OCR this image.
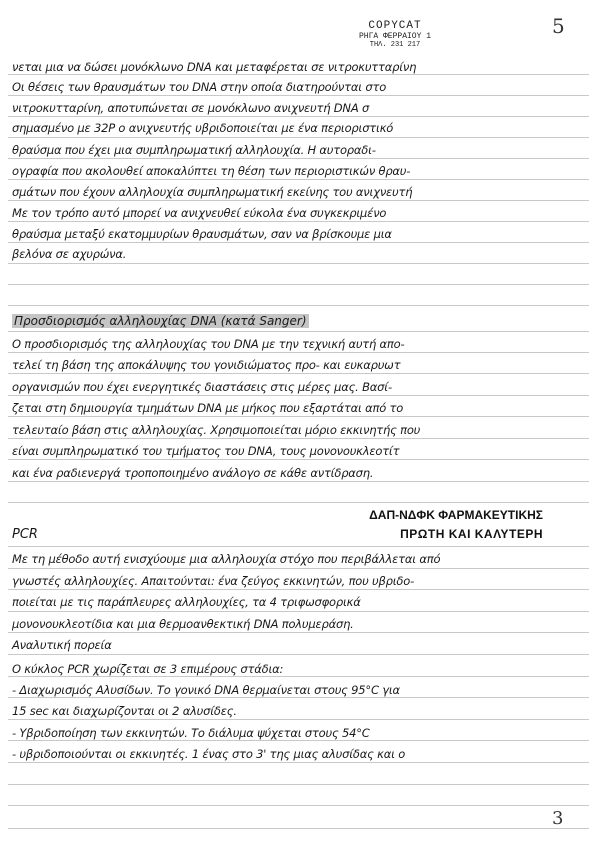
COPYCAT
ΡΗΓΑ ΦΕΡΡΑΙΟΥ 1
ΤΗΛ. 231 217
5
νεται μια να δώσει μονόκλωνο DNA και μεταφέρεται σε νιτροκυτταρίνη
Οι θέσεις των θραυσμάτων του DNA στην οποία διατηρούνται στο
νιτροκυτταρίνη, αποτυπώνεται σε μονόκλωνο ανιχνευτή DNA σ
σημασμένο με 32P ο ανιχνευτής υβριδοποιείται με ένα περιοριστικό
θραύσμα που έχει μια συμπληρωματική αλληλουχία. Η αυτοραδι-
ογραφία που ακολουθεί αποκαλύπτει τη θέση των περιοριστικών θραυ-
σμάτων που έχουν αλληλουχία συμπληρωματική εκείνης του ανιχνευτή
Με τον τρόπο αυτό μπορεί να ανιχνευθεί εύκολα ένα συγκεκριμένο
θραύσμα μεταξύ εκατομμυρίων θραυσμάτων, σαν να βρίσκουμε μια
βελόνα σε αχυρώνα.
Προσδιορισμός αλληλουχίας DNA (κατά Sanger)
Ο προσδιορισμός της αλληλουχίας του DNA με την τεχνική αυτή απο-
τελεί τη βάση της αποκάλυψης του γονιδιώματος προ- και ευκαρυωτ
οργανισμών που έχει ενεργητικές διαστάσεις στις μέρες μας. Βασί-
ζεται στη δημιουργία τμημάτων DNA με μήκος που εξαρτάται από το
τελευταίο βάση στις αλληλουχίας. Χρησιμοποιείται μόριο εκκινητής που
είναι συμπληρωματικό του τμήματος του DNA, τους μονονουκλεοτίτ
και ένα ραδιενεργά τροποποιημένο ανάλογο σε κάθε αντίδραση.
ΔΑΠ-ΝΔΦΚ ΦΑΡΜΑΚΕΥΤΙΚΗΣ
ΠΡΩΤΗ ΚΑΙ ΚΑΛΥΤΕΡΗ
PCR
Με τη μέθοδο αυτή ενισχύουμε μια αλληλουχία στόχο που περιβάλλεται από
γνωστές αλληλουχίες. Απαιτούνται: ένα ζεύγος εκκινητών, που υβριδο-
ποιείται με τις παράπλευρες αλληλουχίες, τα 4 τριφωσφορικά
μονονουκλεοτίδια και μια θερμοανθεκτική DNA πολυμεράση.
Αναλυτική πορεία
Ο κύκλος PCR χωρίζεται σε 3 επιμέρους στάδια:
- Διαχωρισμός Αλυσίδων. Το γονικό DNA θερμαίνεται στους 95°C για
15 sec και διαχωρίζονται οι 2 αλυσίδες.
- Υβριδοποίηση των εκκινητών. Το διάλυμα ψύχεται στους 54°C
- υβριδοποιούνται οι εκκινητές. 1 ένας στο 3' της μιας αλυσίδας και ο
3
